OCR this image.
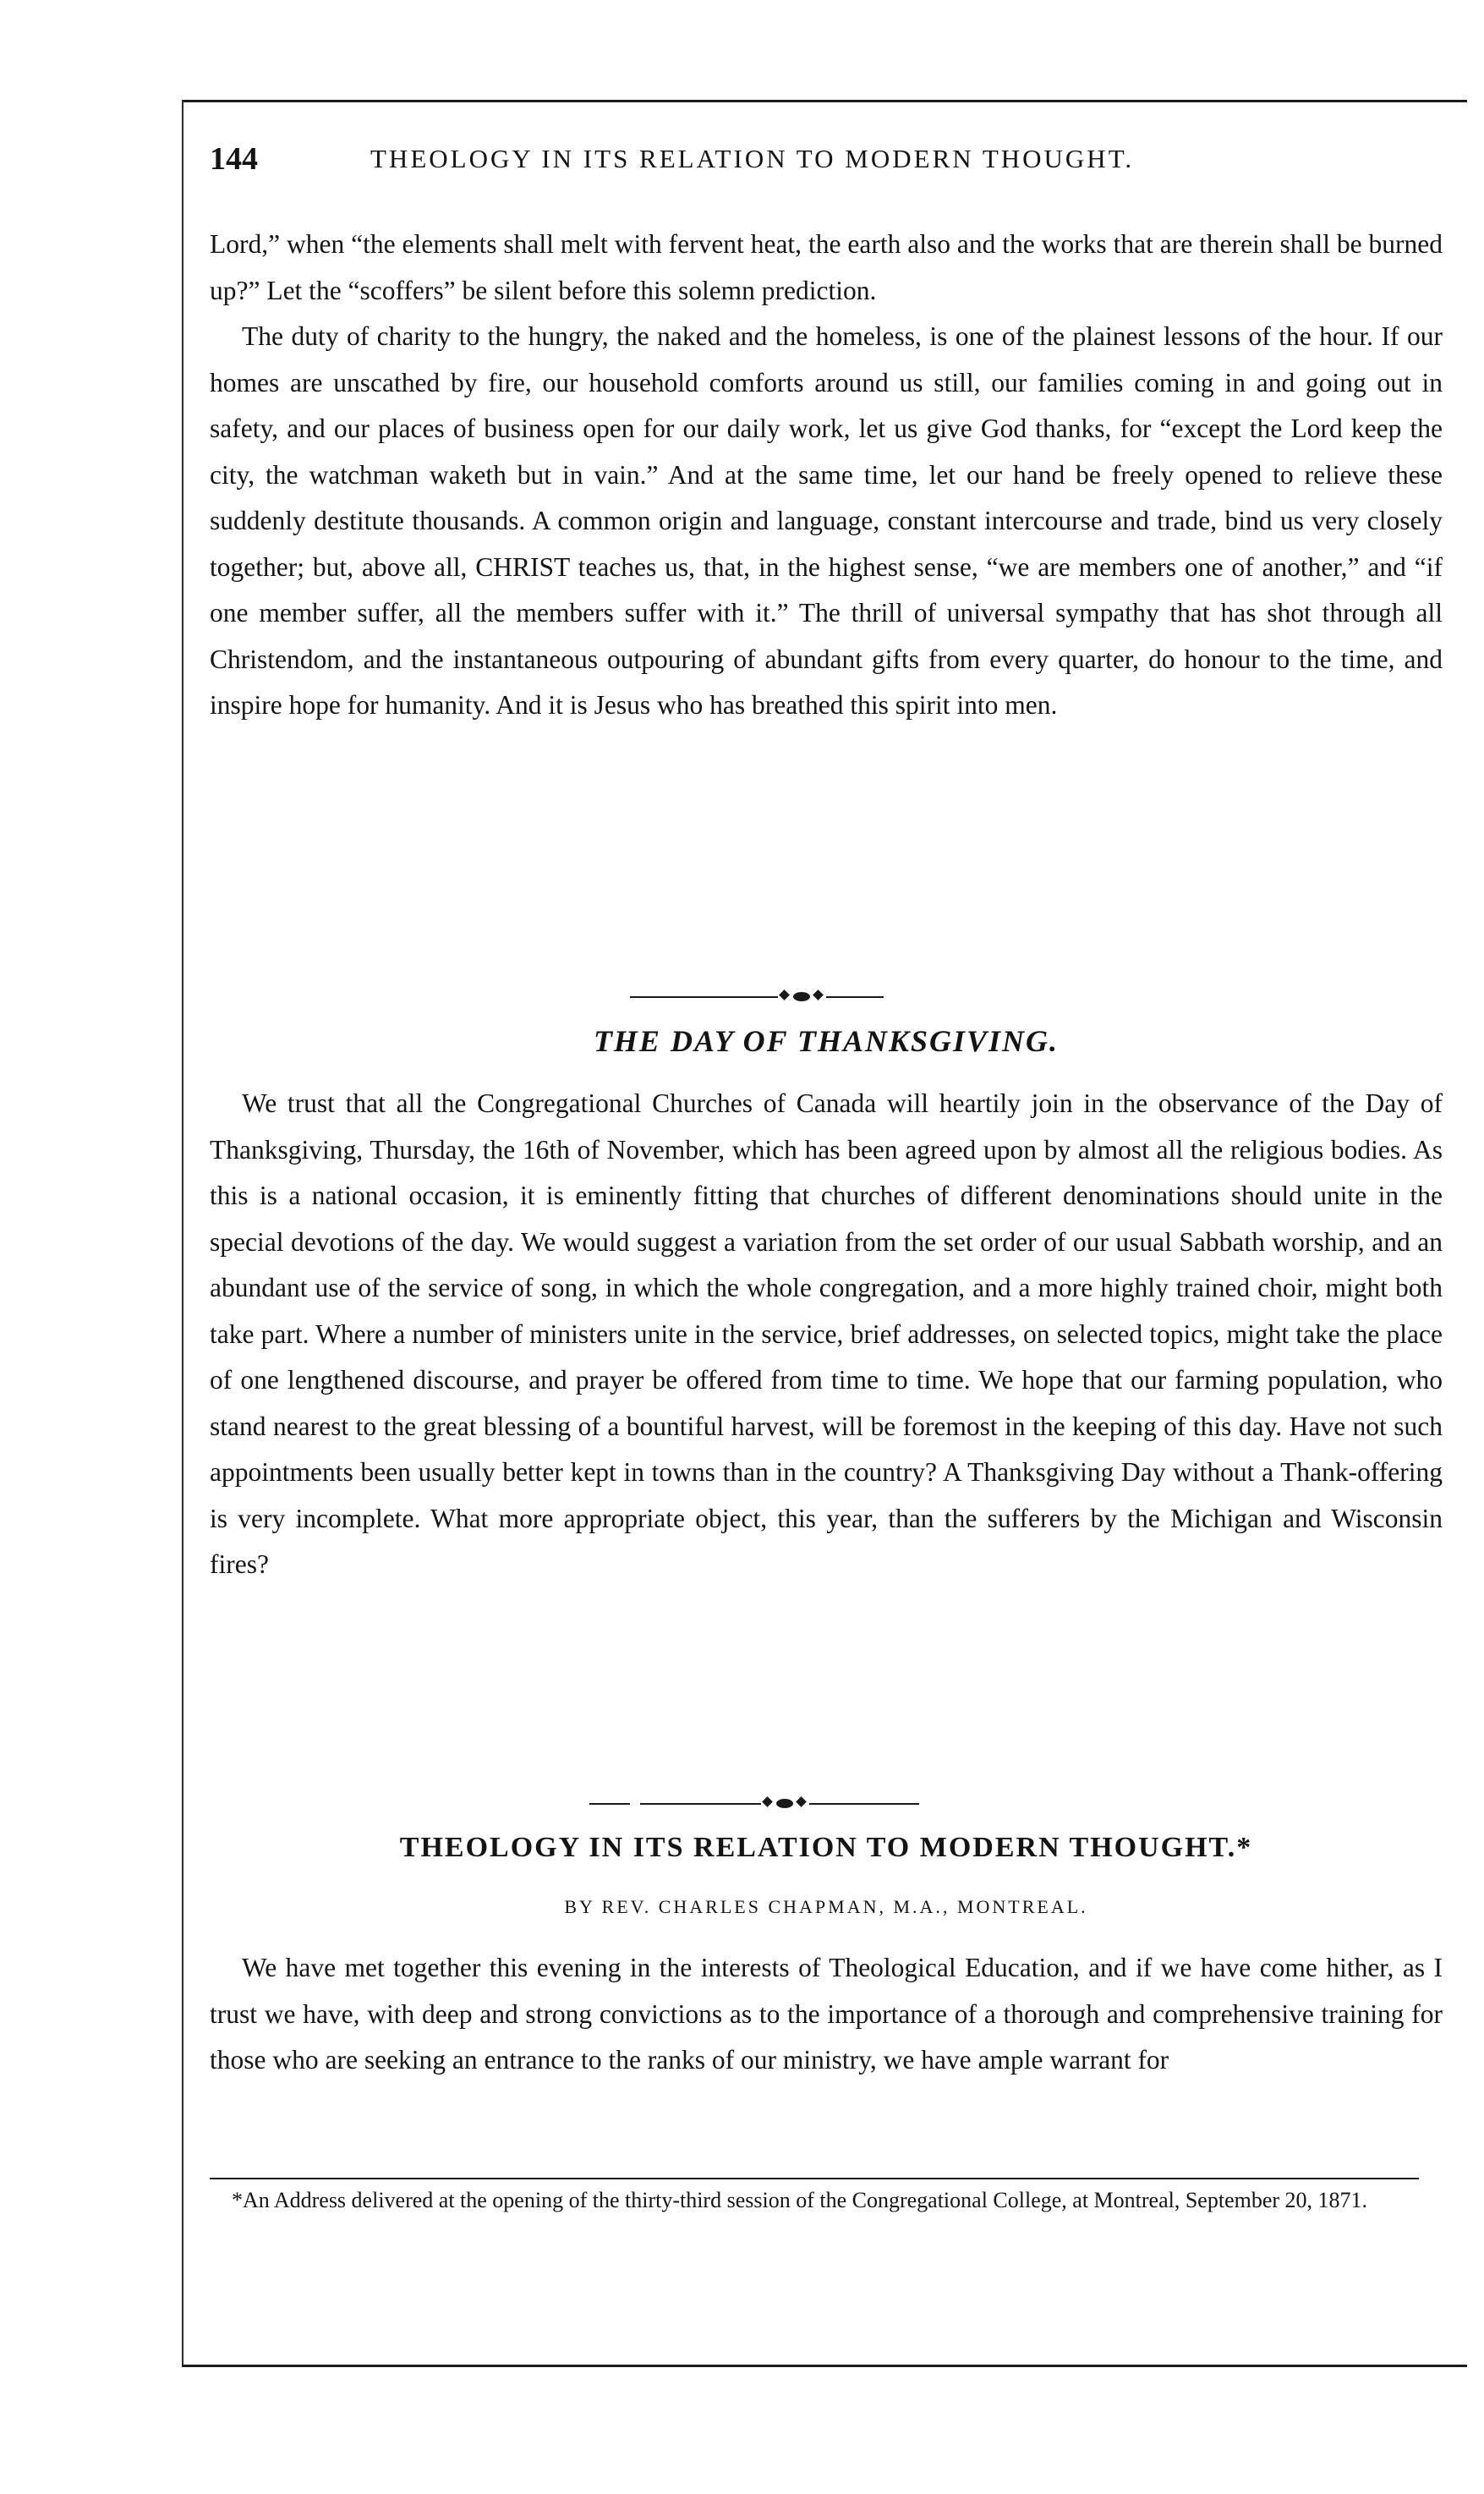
144	THEOLOGY IN ITS RELATION TO MODERN THOUGHT.

Lord,” when “the elements shall melt with fervent heat, the earth also and the works that are therein shall be burned up?” Let the “scoffers” be silent before this solemn prediction.

The duty of charity to the hungry, the naked and the homeless, is one of the plainest lessons of the hour. If our homes are unscathed by fire, our household comforts around us still, our families coming in and going out in safety, and our places of business open for our daily work, let us give God thanks, for “except the Lord keep the city, the watchman waketh but in vain.” And at the same time, let our hand be freely opened to relieve these suddenly destitute thousands. A common origin and language, constant intercourse and trade, bind us very closely together; but, above all, CHRIST teaches us, that, in the highest sense, “we are members one of another,” and “if one member suffer, all the members suffer with it.” The thrill of universal sympathy that has shot through all Christendom, and the instantaneous outpouring of abundant gifts from every quarter, do honour to the time, and inspire hope for humanity. And it is Jesus who has breathed this spirit into men.

THE DAY OF THANKSGIVING.

We trust that all the Congregational Churches of Canada will heartily join in the observance of the Day of Thanksgiving, Thursday, the 16th of November, which has been agreed upon by almost all the religious bodies. As this is a national occasion, it is eminently fitting that churches of different denominations should unite in the special devotions of the day. We would suggest a variation from the set order of our usual Sabbath worship, and an abundant use of the service of song, in which the whole congregation, and a more highly trained choir, might both take part. Where a number of ministers unite in the service, brief addresses, on selected topics, might take the place of one lengthened discourse, and prayer be offered from time to time. We hope that our farming population, who stand nearest to the great blessing of a bountiful harvest, will be foremost in the keeping of this day. Have not such appointments been usually better kept in towns than in the country? A Thanksgiving Day without a Thank-offering is very incomplete. What more appropriate object, this year, than the sufferers by the Michigan and Wisconsin fires?

THEOLOGY IN ITS RELATION TO MODERN THOUGHT.*
BY REV. CHARLES CHAPMAN, M.A., MONTREAL.

We have met together this evening in the interests of Theological Education, and if we have come hither, as I trust we have, with deep and strong convictions as to the importance of a thorough and comprehensive training for those who are seeking an entrance to the ranks of our ministry, we have ample warrant for

*An Address delivered at the opening of the thirty-third session of the Congregational College, at Montreal, September 20, 1871.
